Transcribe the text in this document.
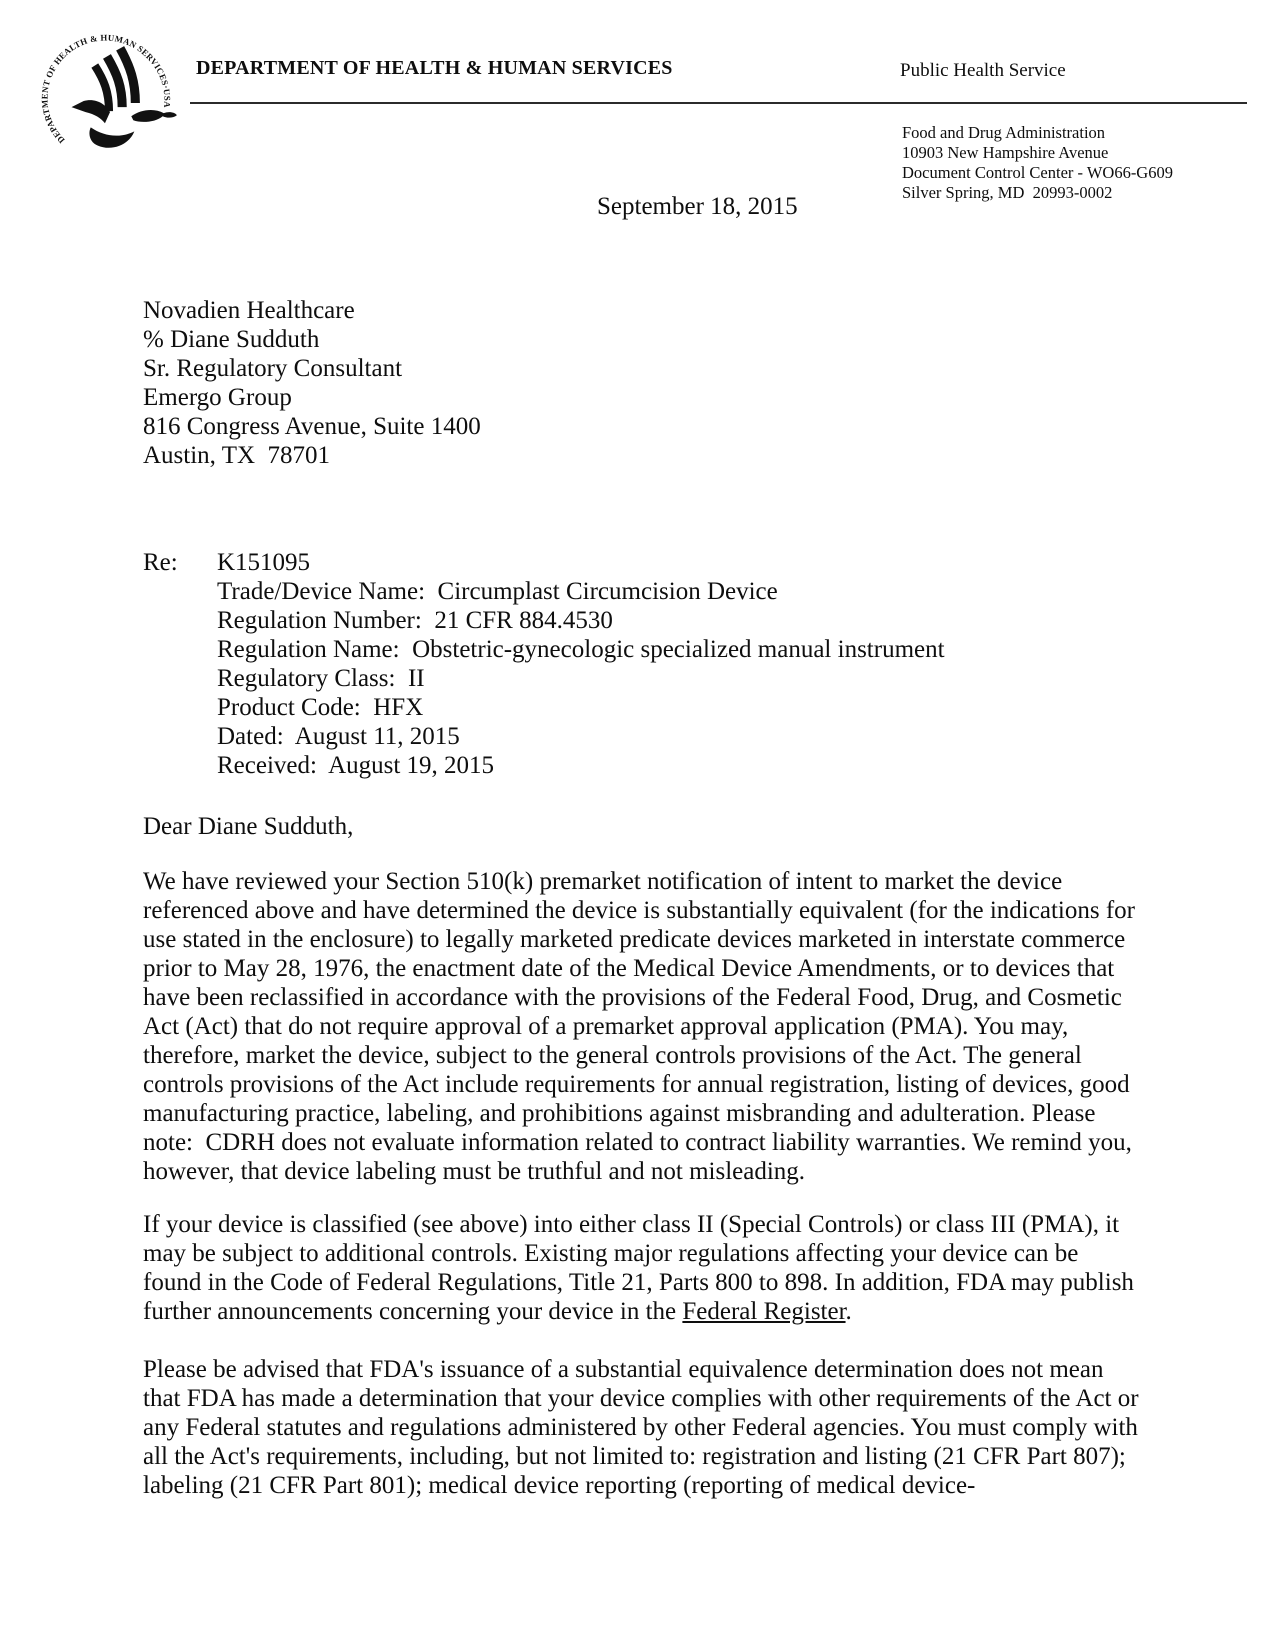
DEPARTMENT OF HEALTH & HUMAN SERVICES·USA
DEPARTMENT OF HEALTH & HUMAN SERVICES	Public Health Service
Food and Drug Administration
10903 New Hampshire Avenue
Document Control Center - WO66-G609
Silver Spring, MD  20993-0002
September 18, 2015
Novadien Healthcare
% Diane Sudduth
Sr. Regulatory Consultant
Emergo Group
816 Congress Avenue, Suite 1400
Austin, TX  78701
Re:	K151095
Trade/Device Name:  Circumplast Circumcision Device
Regulation Number:  21 CFR 884.4530
Regulation Name:  Obstetric-gynecologic specialized manual instrument
Regulatory Class:  II
Product Code:  HFX
Dated:  August 11, 2015
Received:  August 19, 2015
Dear Diane Sudduth,

We have reviewed your Section 510(k) premarket notification of intent to market the device referenced above and have determined the device is substantially equivalent (for the indications for use stated in the enclosure) to legally marketed predicate devices marketed in interstate commerce prior to May 28, 1976, the enactment date of the Medical Device Amendments, or to devices that have been reclassified in accordance with the provisions of the Federal Food, Drug, and Cosmetic Act (Act) that do not require approval of a premarket approval application (PMA). You may, therefore, market the device, subject to the general controls provisions of the Act. The general controls provisions of the Act include requirements for annual registration, listing of devices, good manufacturing practice, labeling, and prohibitions against misbranding and adulteration. Please note:  CDRH does not evaluate information related to contract liability warranties. We remind you, however, that device labeling must be truthful and not misleading.

If your device is classified (see above) into either class II (Special Controls) or class III (PMA), it may be subject to additional controls. Existing major regulations affecting your device can be found in the Code of Federal Regulations, Title 21, Parts 800 to 898. In addition, FDA may publish further announcements concerning your device in the Federal Register.

Please be advised that FDA's issuance of a substantial equivalence determination does not mean that FDA has made a determination that your device complies with other requirements of the Act or any Federal statutes and regulations administered by other Federal agencies. You must comply with all the Act's requirements, including, but not limited to: registration and listing (21 CFR Part 807); labeling (21 CFR Part 801); medical device reporting (reporting of medical device-
